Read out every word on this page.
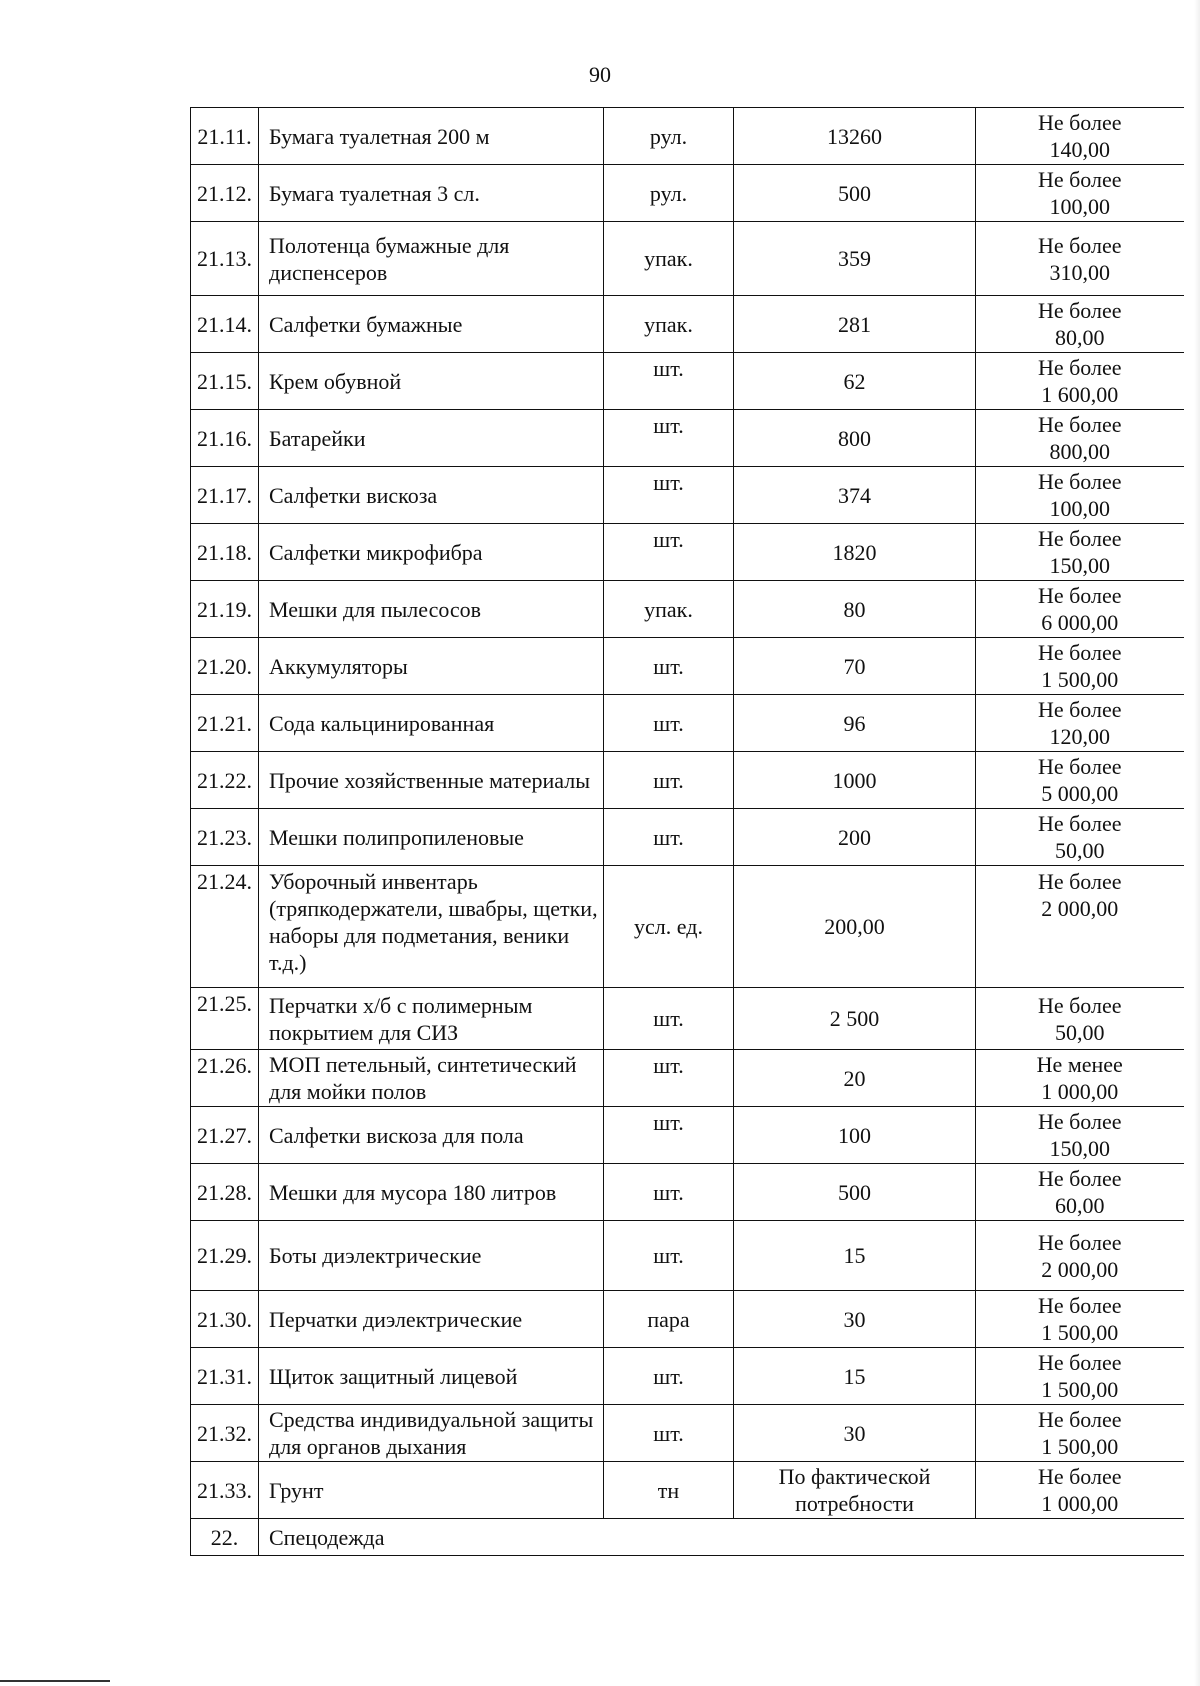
90
21.11.	Бумага туалетная 200 м	рул.	13260	Не более
140,00

21.12.	Бумага туалетная 3 сл.	рул.	500	Не более
100,00

21.13.	Полотенца бумажные для диспенсеров	упак.	359	Не более
310,00

21.14.	Салфетки бумажные	упак.	281	Не более
80,00

21.15.	Крем обувной	шт.	62	Не более
1 600,00

21.16.	Батарейки	шт.	800	Не более
800,00

21.17.	Салфетки вискоза	шт.	374	Не более
100,00

21.18.	Салфетки микрофибра	шт.	1820	Не более
150,00

21.19.	Мешки для пылесосов	упак.	80	Не более
6 000,00

21.20.	Аккумуляторы	шт.	70	Не более
1 500,00

21.21.	Сода кальцинированная	шт.	96	Не более
120,00

21.22.	Прочие хозяйственные материалы	шт.	1000	Не более
5 000,00

21.23.	Мешки полипропиленовые	шт.	200	Не более
50,00

21.24.	Уборочный инвентарь (тряпкодержатели, швабры, щетки, наборы для подметания, веники т.д.)	усл. ед.	200,00	Не более
2 000,00

21.25.	Перчатки х/б с полимерным покрытием для СИЗ	шт.	2 500	Не более
50,00

21.26.	МОП петельный, синтетический для мойки полов	шт.	20	Не менее
1 000,00

21.27.	Салфетки вискоза для пола	шт.	100	Не более
150,00

21.28.	Мешки для мусора 180 литров	шт.	500	Не более
60,00

21.29.	Боты диэлектрические	шт.	15	Не более
2 000,00

21.30.	Перчатки диэлектрические	пара	30	Не более
1 500,00

21.31.	Щиток защитный лицевой	шт.	15	Не более
1 500,00

21.32.	Средства индивидуальной защиты для органов дыхания	шт.	30	Не более
1 500,00

21.33.	Грунт	тн	По фактической потребности	Не более
1 000,00

22.	Спецодежда			
